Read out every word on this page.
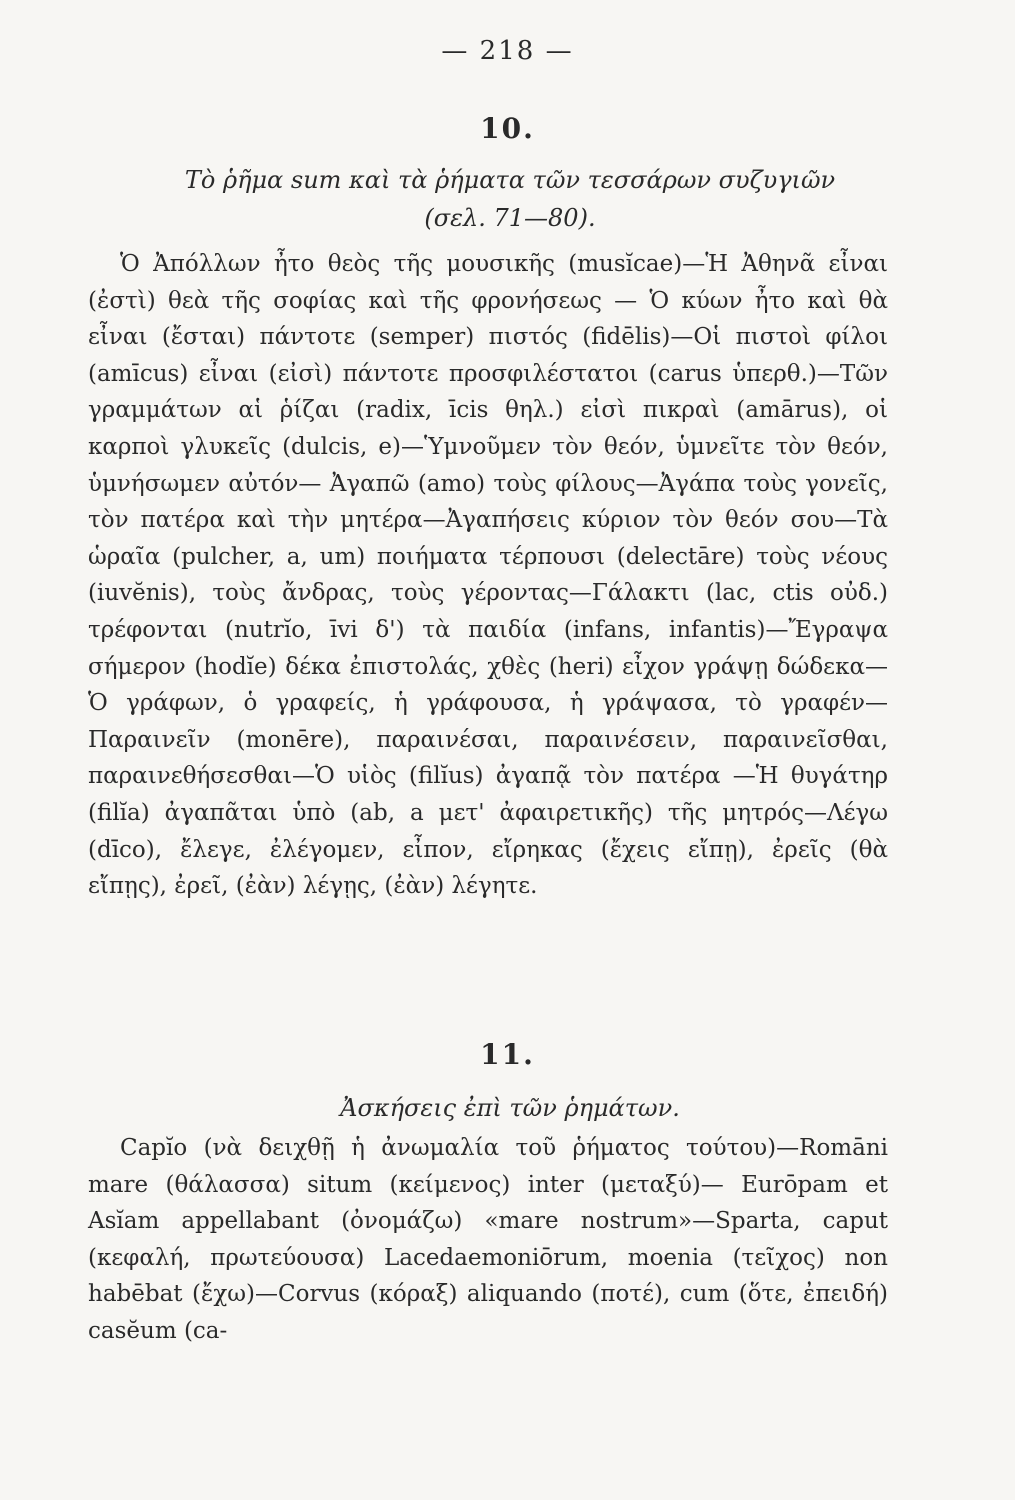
— 218 —
10.
Τὸ ῥῆμα sum καὶ τὰ ῥήματα τῶν τεσσάρων συζυγιῶν
(σελ. 71—80).

Ὁ Ἀπόλλων ἦτο θεὸς τῆς μουσικῆς (musĭcae)—Ἡ Ἀθηνᾶ εἶναι (ἐστὶ) θεὰ τῆς σοφίας καὶ τῆς φρονήσεως — Ὁ κύων ἦτο καὶ θὰ εἶναι (ἔσται) πάντοτε (semper) πιστός (fidēlis)—Οἱ πιστοὶ φίλοι (amīcus) εἶναι (εἰσὶ) πάντοτε προσφιλέστατοι (carus ὑπερθ.)—Τῶν γραμμάτων αἱ ῥίζαι (radix, īcis θηλ.) εἰσὶ πικραὶ (amārus), οἱ καρποὶ γλυκεῖς (dulcis, e)—Ὑμνοῦμεν τὸν θεόν, ὑμνεῖτε τὸν θεόν, ὑμνήσωμεν αὐτόν— Ἀγαπῶ (amo) τοὺς φίλους—Ἀγάπα τοὺς γονεῖς, τὸν πατέρα καὶ τὴν μητέρα—Ἀγαπήσεις κύριον τὸν θεόν σου—Τὰ ὡραῖα (pulcher, a, um) ποιήματα τέρπουσι (delectāre) τοὺς νέους (iuvĕnis), τοὺς ἄνδρας, τοὺς γέροντας—Γάλακτι (lac, ctis οὐδ.) τρέφονται (nutrĭo, īvi δ') τὰ παιδία (infans, infantis)—Ἔγραψα σήμερον (hodĭe) δέκα ἐπιστολάς, χθὲς (heri) εἶχον γράψῃ δώδεκα—Ὁ γράφων, ὁ γραφείς, ἡ γράφουσα, ἡ γράψασα, τὸ γραφέν—Παραινεῖν (monēre), παραινέσαι, παραινέσειν, παραινεῖσθαι, παραινεθήσεσθαι—Ὁ υἱὸς (filĭus) ἀγαπᾷ τὸν πατέρα —Ἡ θυγάτηρ (filĭa) ἀγαπᾶται ὑπὸ (ab, a μετ' ἀφαιρετικῆς) τῆς μητρός—Λέγω (dīco), ἔλεγε, ἐλέγομεν, εἶπον, εἴρηκας (ἔχεις εἴπῃ), ἐρεῖς (θὰ εἴπῃς), ἐρεῖ, (ἐὰν) λέγῃς, (ἐὰν) λέγητε.

11.
Ἀσκήσεις ἐπὶ τῶν ῥημάτων.

Capĭo (νὰ δειχθῇ ἡ ἀνωμαλία τοῦ ῥήματος τούτου)—Romāni mare (θάλασσα) situm (κείμενος) inter (μεταξύ)— Eurōpam et Asĭam appellabant (ὀνομάζω) «mare nostrum»—Sparta, caput (κεφαλή, πρωτεύουσα) Lacedaemoniōrum, moenia (τεῖχος) non habēbat (ἔχω)—Corvus (κόραξ) aliquando (ποτέ), cum (ὅτε, ἐπειδή) casĕum (ca-
